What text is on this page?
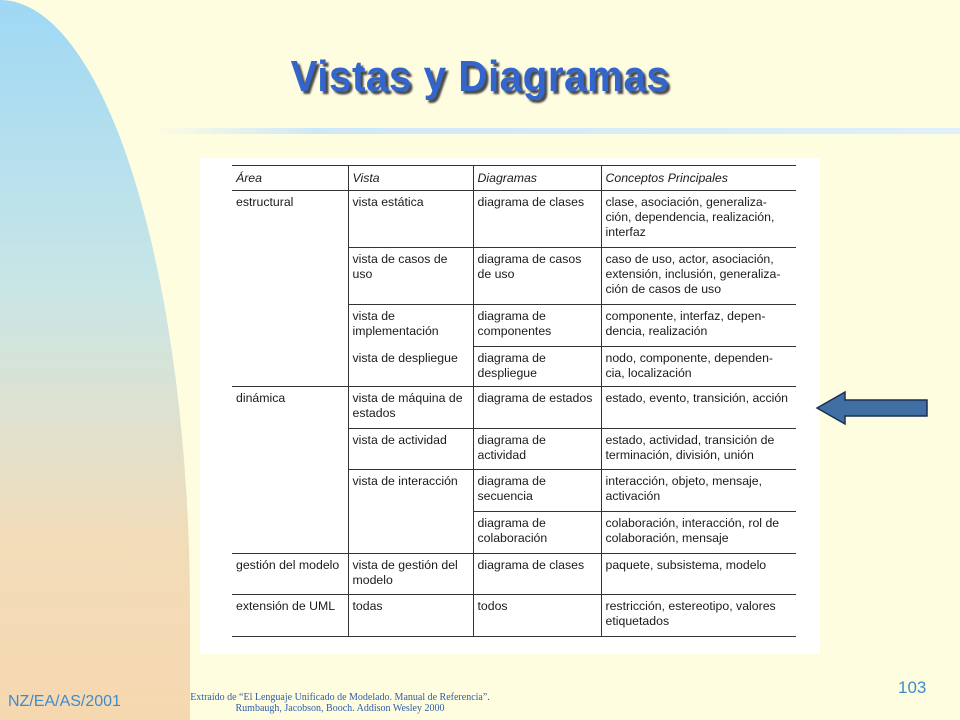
Vistas y Diagramas
Área	Vista	Diagramas	Conceptos Principales
estructural	vista estática	diagrama de clases	clase, asociación, generaliza- ción, dependencia, realización, interfaz
	vista de casos de uso	diagrama de casos de uso	caso de uso, actor, asociación, extensión, inclusión, generaliza- ción de casos de uso
	vista de implementación	diagrama de componentes	componente, interfaz, depen- dencia, realización
	vista de despliegue	diagrama de despliegue	nodo, componente, dependen- cia, localización
dinámica	vista de máquina de estados	diagrama de estados	estado, evento, transición, acción
	vista de actividad	diagrama de actividad	estado, actividad, transición de terminación, división, unión
	vista de interacción	diagrama de secuencia	interacción, objeto, mensaje, activación
		diagrama de colaboración	colaboración, interacción, rol de colaboración, mensaje
gestión del modelo	vista de gestión del modelo	diagrama de clases	paquete, subsistema, modelo
extensión de UML	todas	todos	restricción, estereotipo, valores etiquetados
NZ/EA/AS/2001	Extraído de “El Lenguaje Unificado de Modelado. Manual de Referencia”.
Rumbaugh, Jacobson, Booch. Addison Wesley 2000
103
